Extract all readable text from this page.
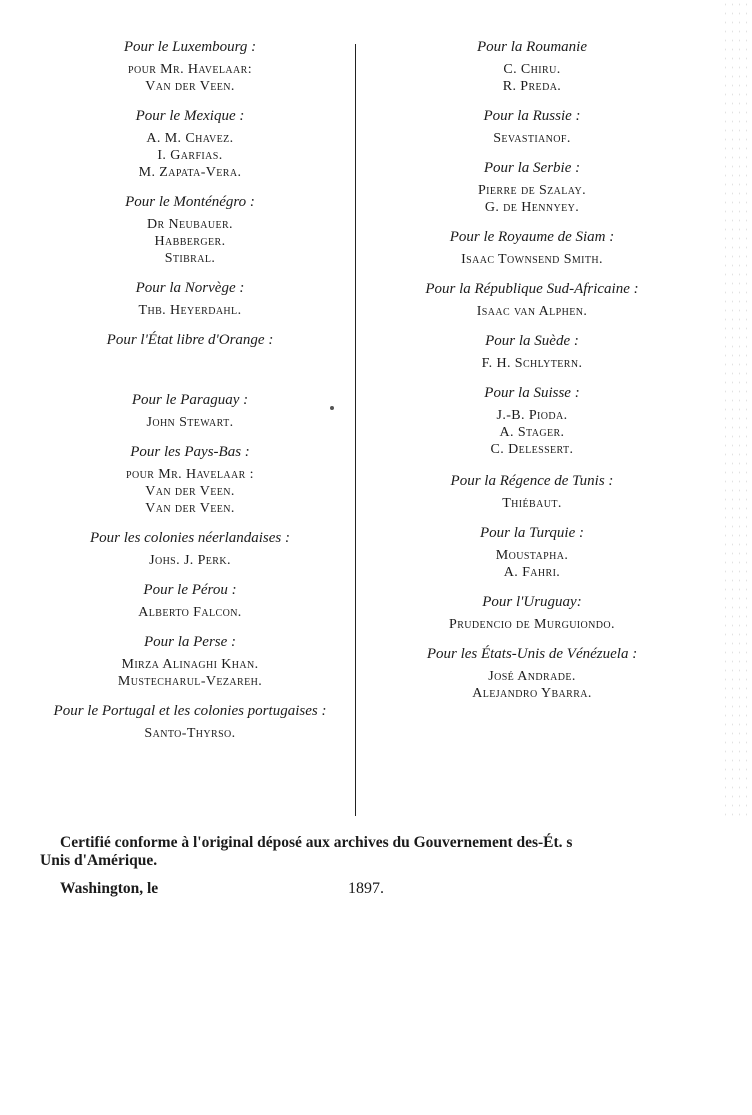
Pour le Luxembourg :
pour Mr. Havelaar:
Van der Veen.
Pour le Mexique :
A. M. Chavez.
I. Garfias.
M. Zapata-Vera.
Pour le Monténégro :
Dr Neubauer.
Habberger.
Stibral.
Pour la Norvège :
Thb. Heyerdahl.
Pour l'État libre d'Orange :
Pour le Paraguay :
John Stewart.
Pour les Pays-Bas :
pour Mr. Havelaar :
Van der Veen.
Van der Veen.
Pour les colonies néerlandaises :
Johs. J. Perk.
Pour le Pérou :
Alberto Falcon.
Pour la Perse :
Mirza Alinaghi Khan.
Mustecharul-Vezareh.
Pour le Portugal et les colonies portugaises :
Santo-Thyrso.
Pour la Roumanie
C. Chiru.
R. Preda.
Pour la Russie :
Sevastianof.
Pour la Serbie :
Pierre de Szalay.
G. de Hennyey.
Pour le Royaume de Siam :
Isaac Townsend Smith.
Pour la République Sud-Africaine :
Isaac van Alphen.
Pour la Suède :
F. H. Schlytern.
Pour la Suisse :
J.-B. Pioda.
A. Stager.
C. Delessert.
Pour la Régence de Tunis :
Thiébaut.
Pour la Turquie :
Moustapha.
A. Fahri.
Pour l'Uruguay:
Prudencio de Murguiondo.
Pour les États-Unis de Vénézuela :
José Andrade.
Alejandro Ybarra.

Certifié conforme à l'original déposé aux archives du Gouvernement des-Ét. s

Unis d'Amérique.

Washington, le	1897.
